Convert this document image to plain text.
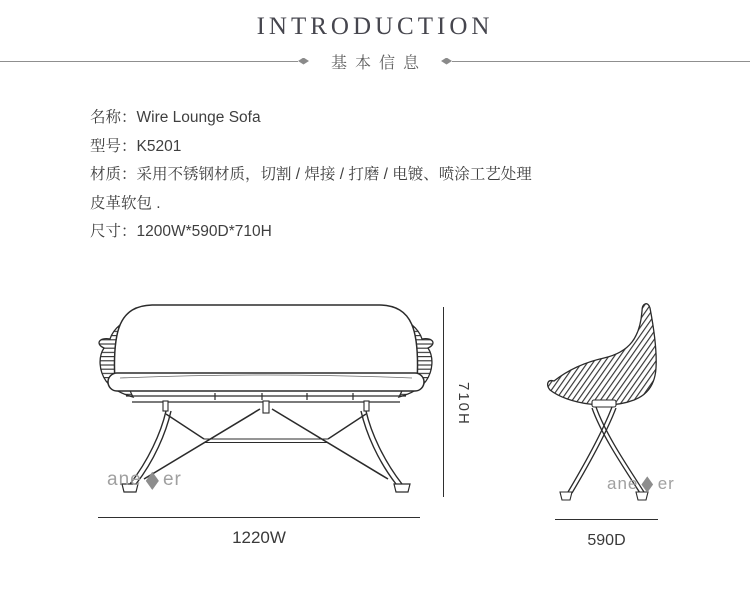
INTRODUCTION
基本信息
名称：Wire Lounge Sofa
型号：K5201
材质：采用不锈钢材质，切割 / 焊接 / 打磨 / 电镀、喷涂工艺处理
皮革软包 .
尺寸：1200W*590D*710H
710H
1220W	590D
ane ◆ er	ane ◆ er
